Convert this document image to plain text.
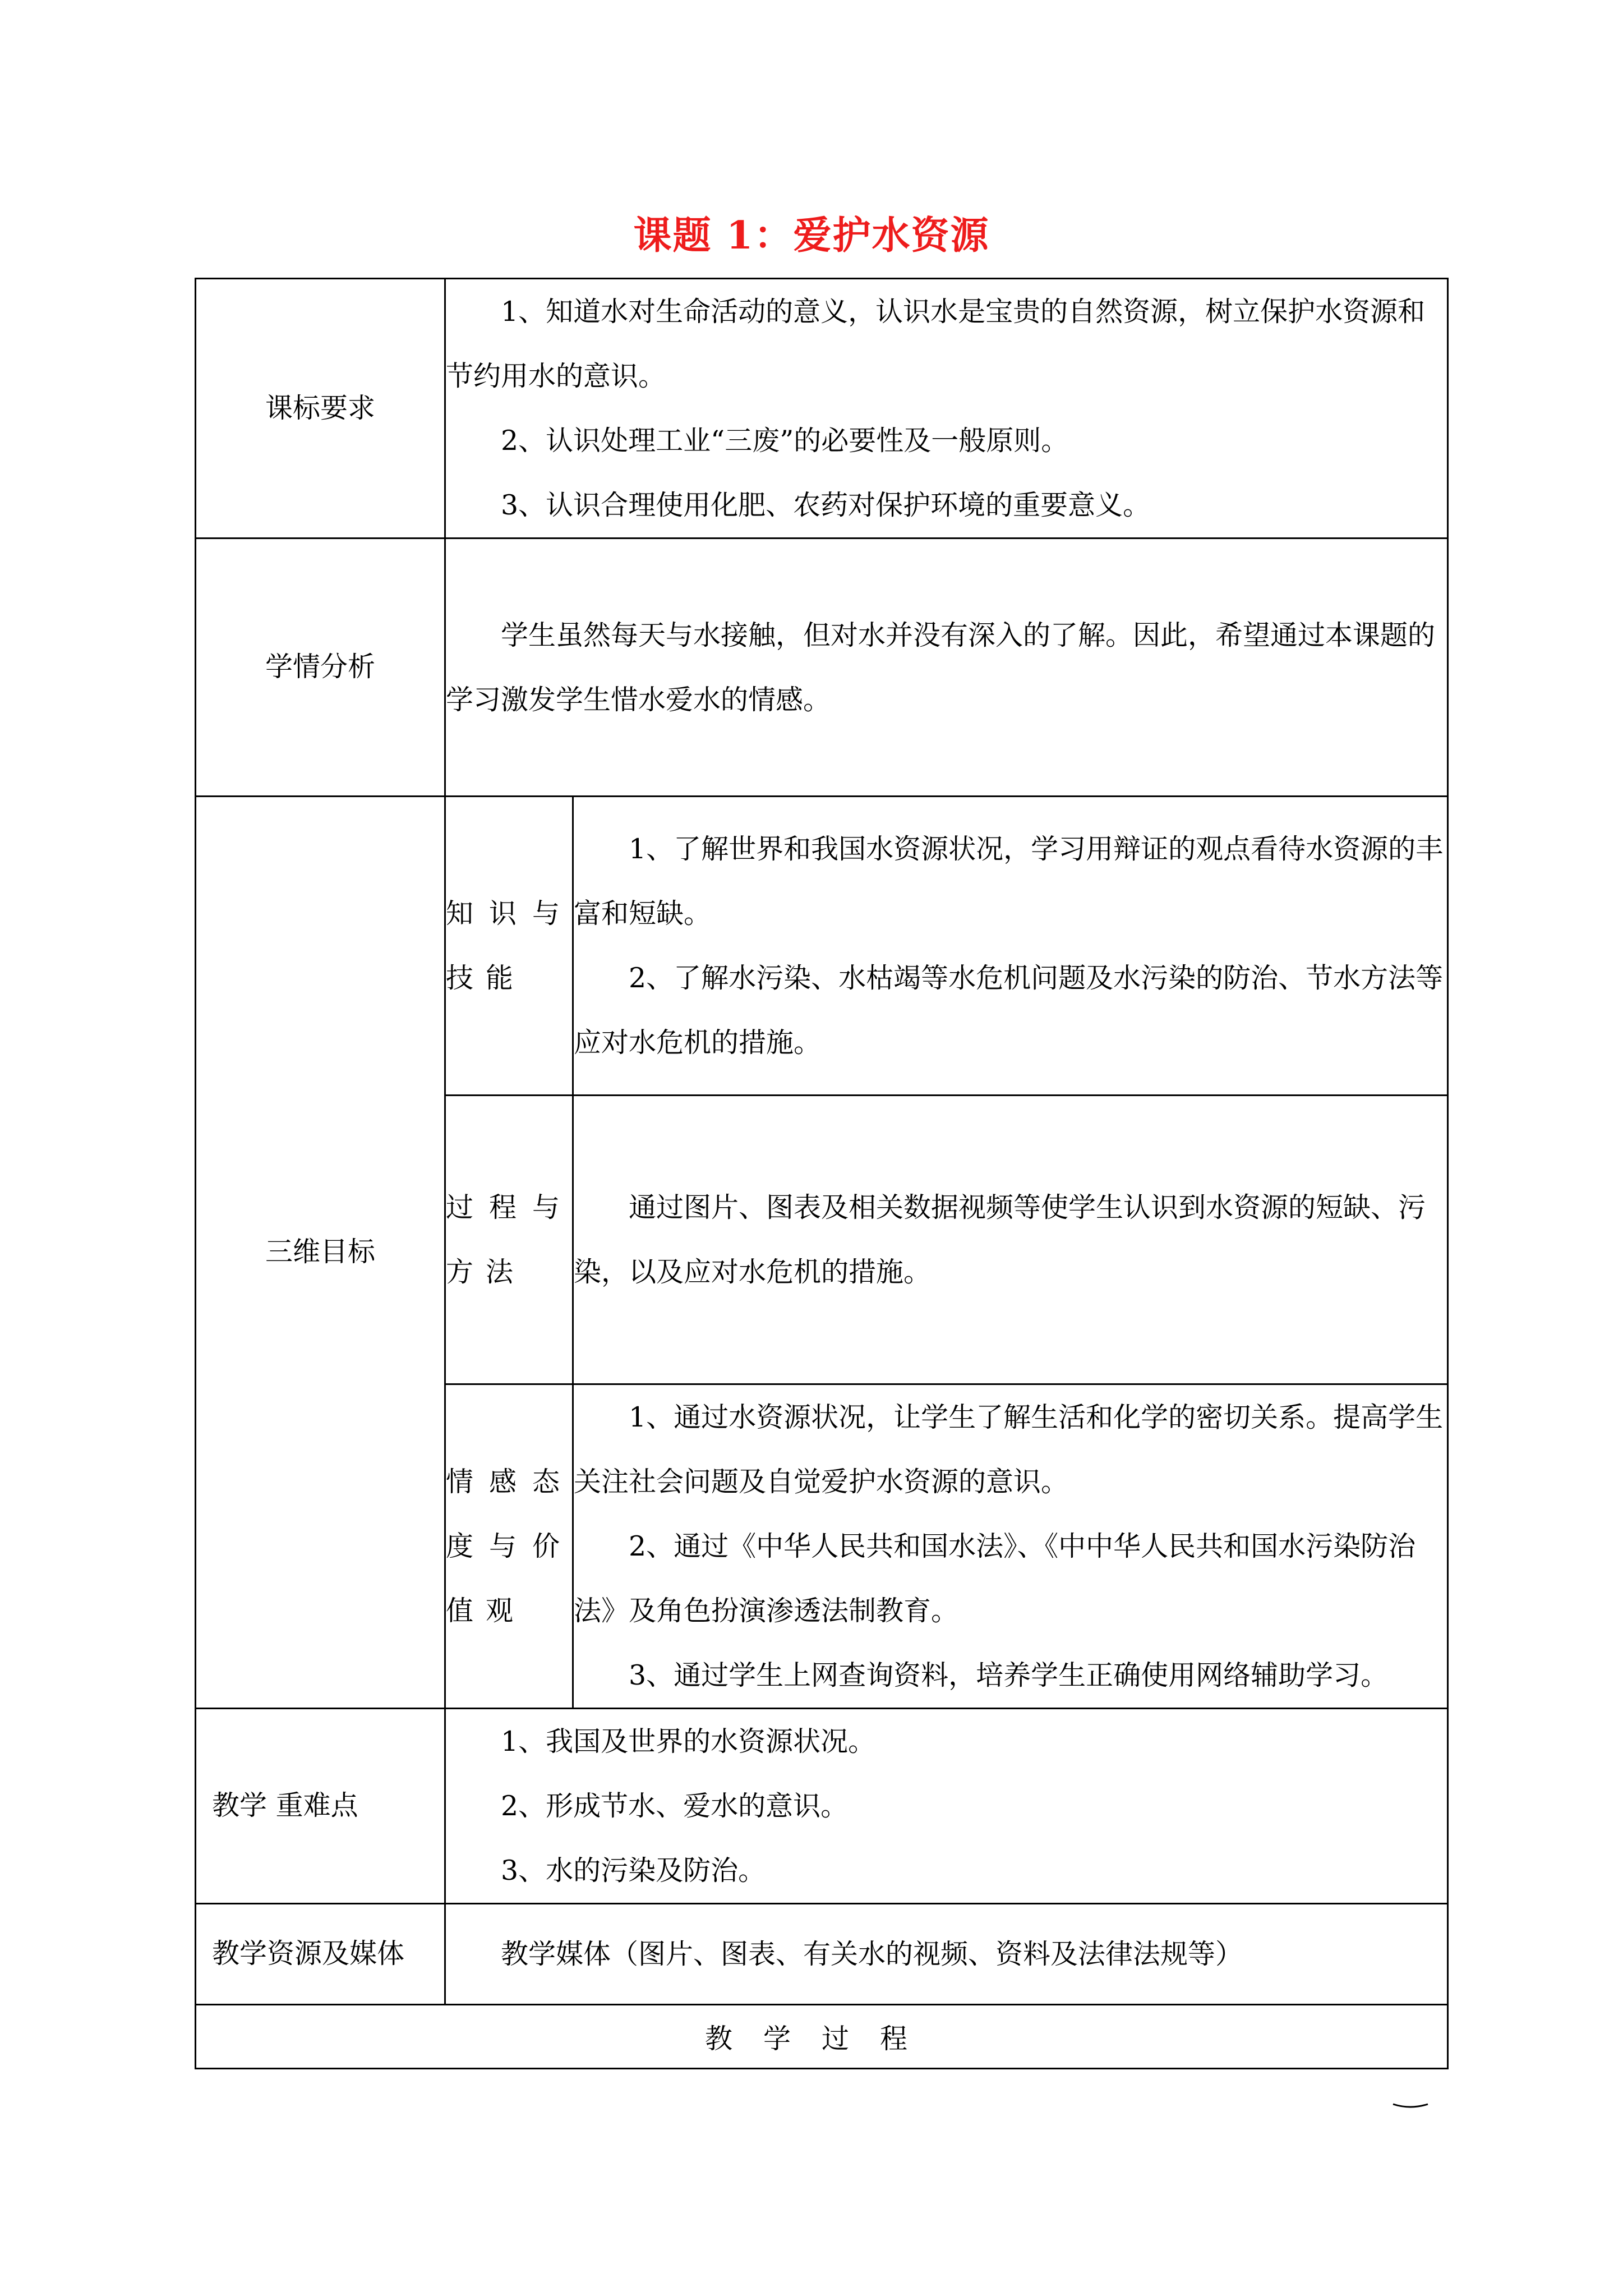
课题 1：爱护水资源
课标要求	1、知道水对生命活动的意义，认识水是宝贵的自然资源，树立保护水资源和节约用水的意识。

2、认识处理工业“三废”的必要性及一般原则。

3、认识合理使用化肥、农药对保护环境的重要意义。	

学情分析	学生虽然每天与水接触，但对水并没有深入的了解。因此，希望通过本课题的学习激发学生惜水爱水的情感。	

三维目标	知识与技能	1、了解世界和我国水资源状况，学习用辩证的观点看待水资源的丰富和短缺。

2、了解水污染、水枯竭等水危机问题及水污染的防治、节水方法等应对水危机的措施。

	过程与方法	通过图片、图表及相关数据视频等使学生认识到水资源的短缺、污染，以及应对水危机的措施。

	情感态度与价值观	1、通过水资源状况，让学生了解生活和化学的密切关系。提高学生关注社会问题及自觉爱护水资源的意识。

2、通过《中华人民共和国水法》、《中中华人民共和国水污染防治法》及角色扮演渗透法制教育。

3、通过学生上网查询资料，培养学生正确使用网络辅助学习。

教学 重难点	1、我国及世界的水资源状况。

2、形成节水、爱水的意识。

3、水的污染及防治。	

教学资源及媒体	教学媒体（图片、图表、有关水的视频、资料及法律法规等）	

教学过程		
